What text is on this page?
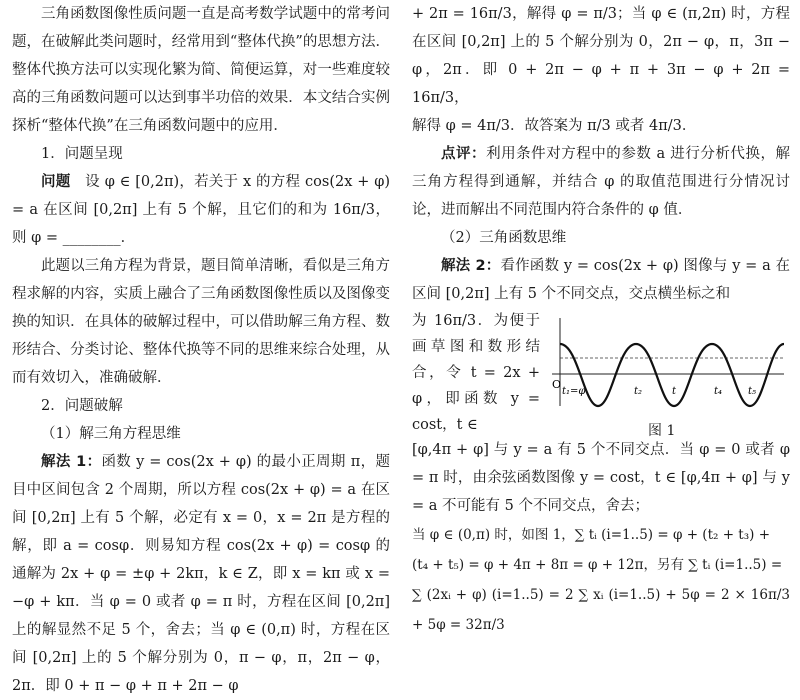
三角函数图像性质问题一直是高考数学试题中的常考问题，在破解此类问题时，经常用到“整体代换”的思想方法．整体代换方法可以实现化繁为简、简便运算，对一些难度较高的三角函数问题可以达到事半功倍的效果．本文结合实例探析“整体代换”在三角函数问题中的应用．

1．问题呈现

问题　 设 φ ∈ [0,2π)，若关于 x 的方程 cos(2x + φ) = a 在区间 [0,2π] 上有 5 个解，且它们的和为 16π/3，则 φ = ________．

此题以三角方程为背景，题目简单清晰，看似是三角方程求解的内容，实质上融合了三角函数图像性质以及图像变换的知识．在具体的破解过程中，可以借助解三角方程、数形结合、分类讨论、整体代换等不同的思维来综合处理，从而有效切入，准确破解．

2．问题破解

（1）解三角方程思维

解法 1：函数 y = cos(2x + φ) 的最小正周期 π，题目中区间包含 2 个周期，所以方程 cos(2x + φ) = a 在区间 [0,2π] 上有 5 个解，必定有 x = 0，x = 2π 是方程的解，即 a = cosφ．则易知方程 cos(2x + φ) = cosφ 的通解为 2x + φ = ±φ + 2kπ，k ∈ Z，即 x = kπ 或 x = −φ + kπ．当 φ = 0 或者 φ = π 时，方程在区间 [0,2π] 上的解显然不足 5 个，舍去；当 φ ∈ (0,π) 时，方程在区间 [0,2π] 上的 5 个解分别为 0，π − φ，π，2π − φ，2π．即 0 + π − φ + π + 2π − φ

+ 2π = 16π/3，解得 φ = π/3；当 φ ∈ (π,2π) 时，方程在区间 [0,2π] 上的 5 个解分别为 0，2π − φ，π，3π − φ，2π．即 0 + 2π − φ + π + 3π − φ + 2π = 16π/3，

解得 φ = 4π/3．故答案为 π/3 或者 4π/3．

点评：利用条件对方程中的参数 a 进行分析代换，解三角方程得到通解，并结合 φ 的取值范围进行分情况讨论，进而解出不同范围内符合条件的 φ 值．

（2）三角函数思维

解法 2：看作函数 y = cos(2x + φ) 图像与 y = a 在区间 [0,2π] 上有 5 个不同交点，交点横坐标之和

为 16π/3．为便于画草图和数形结合，令 t = 2x + φ，即函数 y = cost，t ∈

O
t₁=φ	t₂	t	t₄	t₅
图 1

[φ,4π + φ] 与 y = a 有 5 个不同交点．当 φ = 0 或者 φ = π 时，由余弦函数图像 y = cost，t ∈ [φ,4π + φ] 与 y = a 不可能有 5 个不同交点，舍去；

当 φ ∈ (0,π) 时，如图 1，∑ tᵢ (i=1..5) = φ + (t₂ + t₃) +

(t₄ + t₅) = φ + 4π + 8π = φ + 12π，另有 ∑ tᵢ (i=1..5) =

∑ (2xᵢ + φ) (i=1..5) = 2 ∑ xᵢ (i=1..5) + 5φ = 2 × 16π/3 + 5φ = 32π/3
